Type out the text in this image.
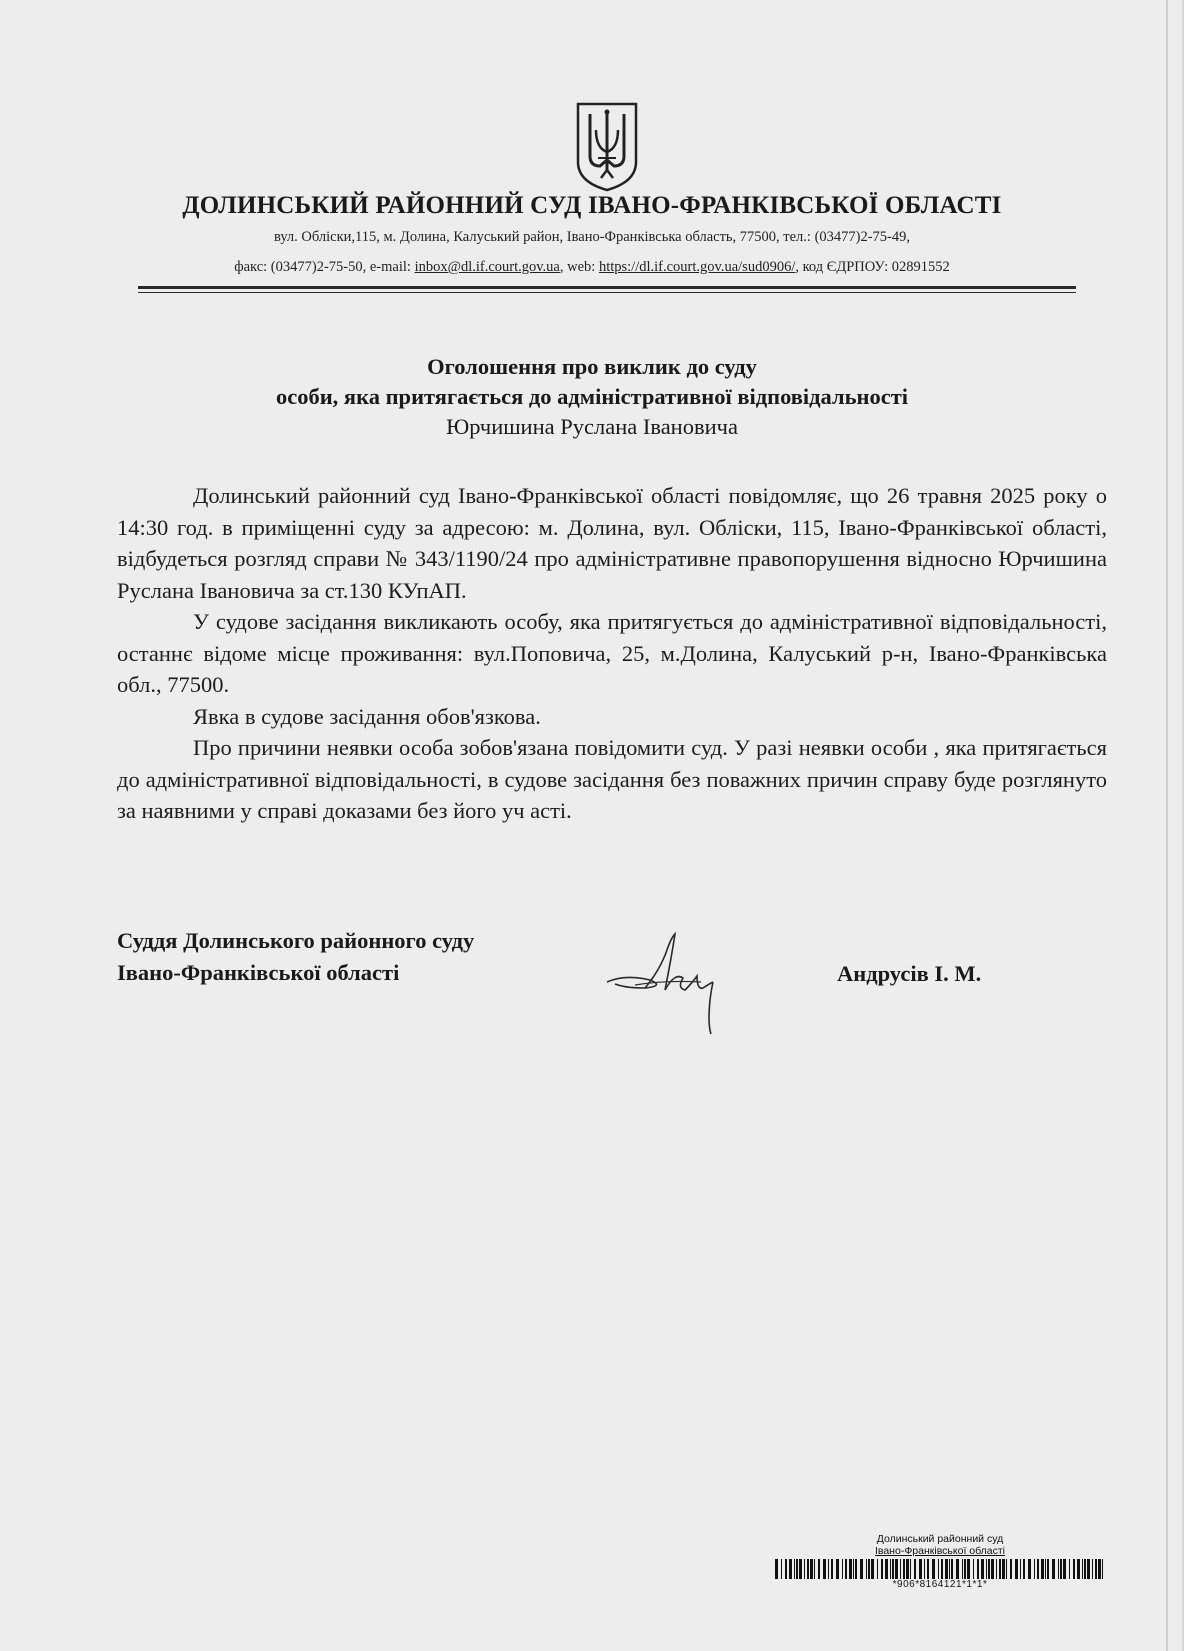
ДОЛИНСЬКИЙ РАЙОННИЙ СУД ІВАНО-ФРАНКІВСЬКОЇ ОБЛАСТІ
вул. Обліски,115, м. Долина, Калуський район, Івано-Франківська область, 77500, тел.: (03477)2-75-49,
факс: (03477)2-75-50, e-mail: inbox@dl.if.court.gov.ua, web: https://dl.if.court.gov.ua/sud0906/, код ЄДРПОУ: 02891552
Оголошення про виклик до суду
особи, яка притягається до адміністративної відповідальності
Юрчишина Руслана Івановича

Долинський районний суд Івано-Франківської області повідомляє, що 26 травня 2025 року о 14:30 год. в приміщенні суду за адресою: м. Долина, вул. Обліски, 115, Івано-Франківської області, відбудеться розгляд справи № 343/1190/24 про адміністративне правопорушення відносно Юрчишина Руслана Івановича за ст.130 КУпАП.

У судове засідання викликають особу, яка притягується до адміністративної відповідальності, останнє відоме місце проживання: вул.Поповича, 25, м.Долина, Калуський р-н, Івано-Франківська обл., 77500.

Явка в судове засідання обов'язкова.

Про причини неявки особа зобов'язана повідомити суд. У разі неявки особи , яка притягається до адміністративної відповідальності, в судове засідання без поважних причин справу буде розглянуто за наявними у справі доказами без його уч асті.

Суддя Долинського районного суду
Івано-Франківської області	Андрусів І. М.
Долинський районний суд
Івано-Франківської області
*906*8164121*1*1*
